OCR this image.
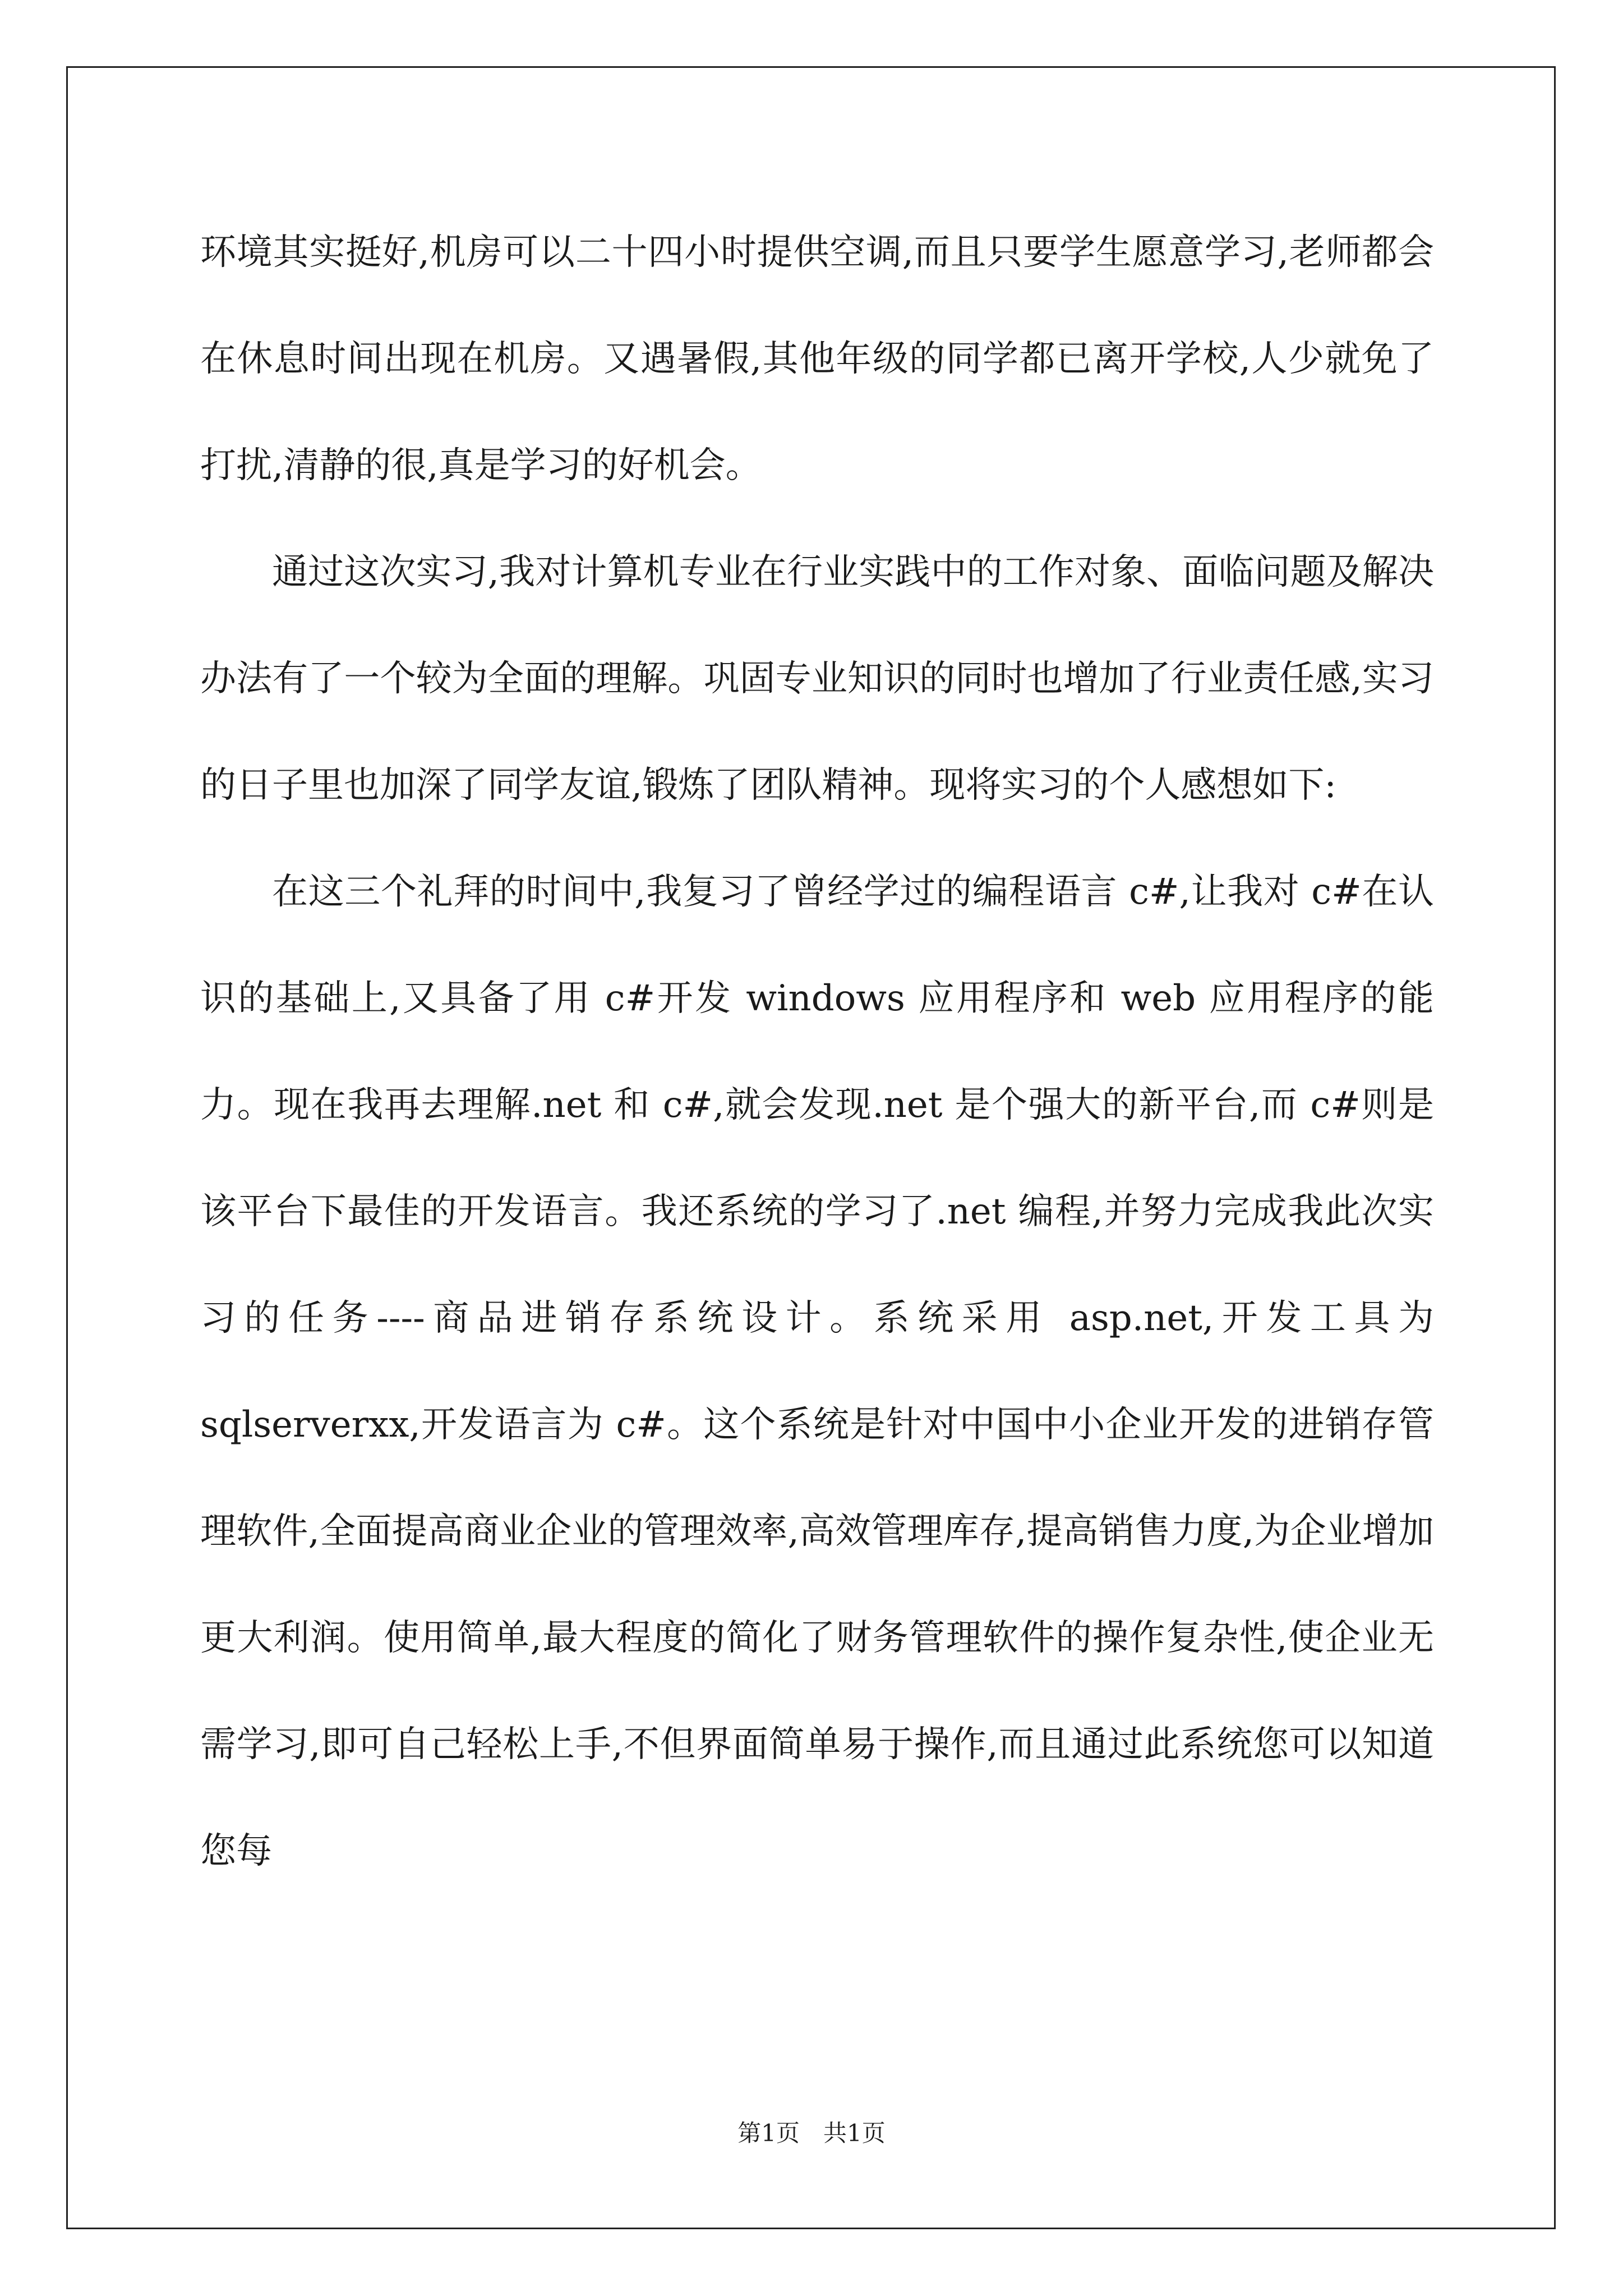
环境其实挺好,机房可以二十四小时提供空调,而且只要学生愿意学习,老师都会在休息时间出现在机房。又遇暑假,其他年级的同学都已离开学校,人少就免了打扰,清静的很,真是学习的好机会。

通过这次实习,我对计算机专业在行业实践中的工作对象、面临问题及解决办法有了一个较为全面的理解。巩固专业知识的同时也增加了行业责任感,实习的日子里也加深了同学友谊,锻炼了团队精神。现将实习的个人感想如下:

在这三个礼拜的时间中,我复习了曾经学过的编程语言 c#,让我对 c#在认识的基础上,又具备了用 c#开发 windows 应用程序和 web 应用程序的能力。现在我再去理解.net 和 c#,就会发现.net 是个强大的新平台,而 c#则是该平台下最佳的开发语言。我还系统的学习了.net 编程,并努力完成我此次实习的任务----商品进销存系统设计。系统采用 asp.net,开发工具为 sqlserverxx,开发语言为 c#。这个系统是针对中国中小企业开发的进销存管理软件,全面提高商业企业的管理效率,高效管理库存,提高销售力度,为企业增加更大利润。使用简单,最大程度的简化了财务管理软件的操作复杂性,使企业无需学习,即可自己轻松上手,不但界面简单易于操作,而且通过此系统您可以知道您每

第1页 共1页
